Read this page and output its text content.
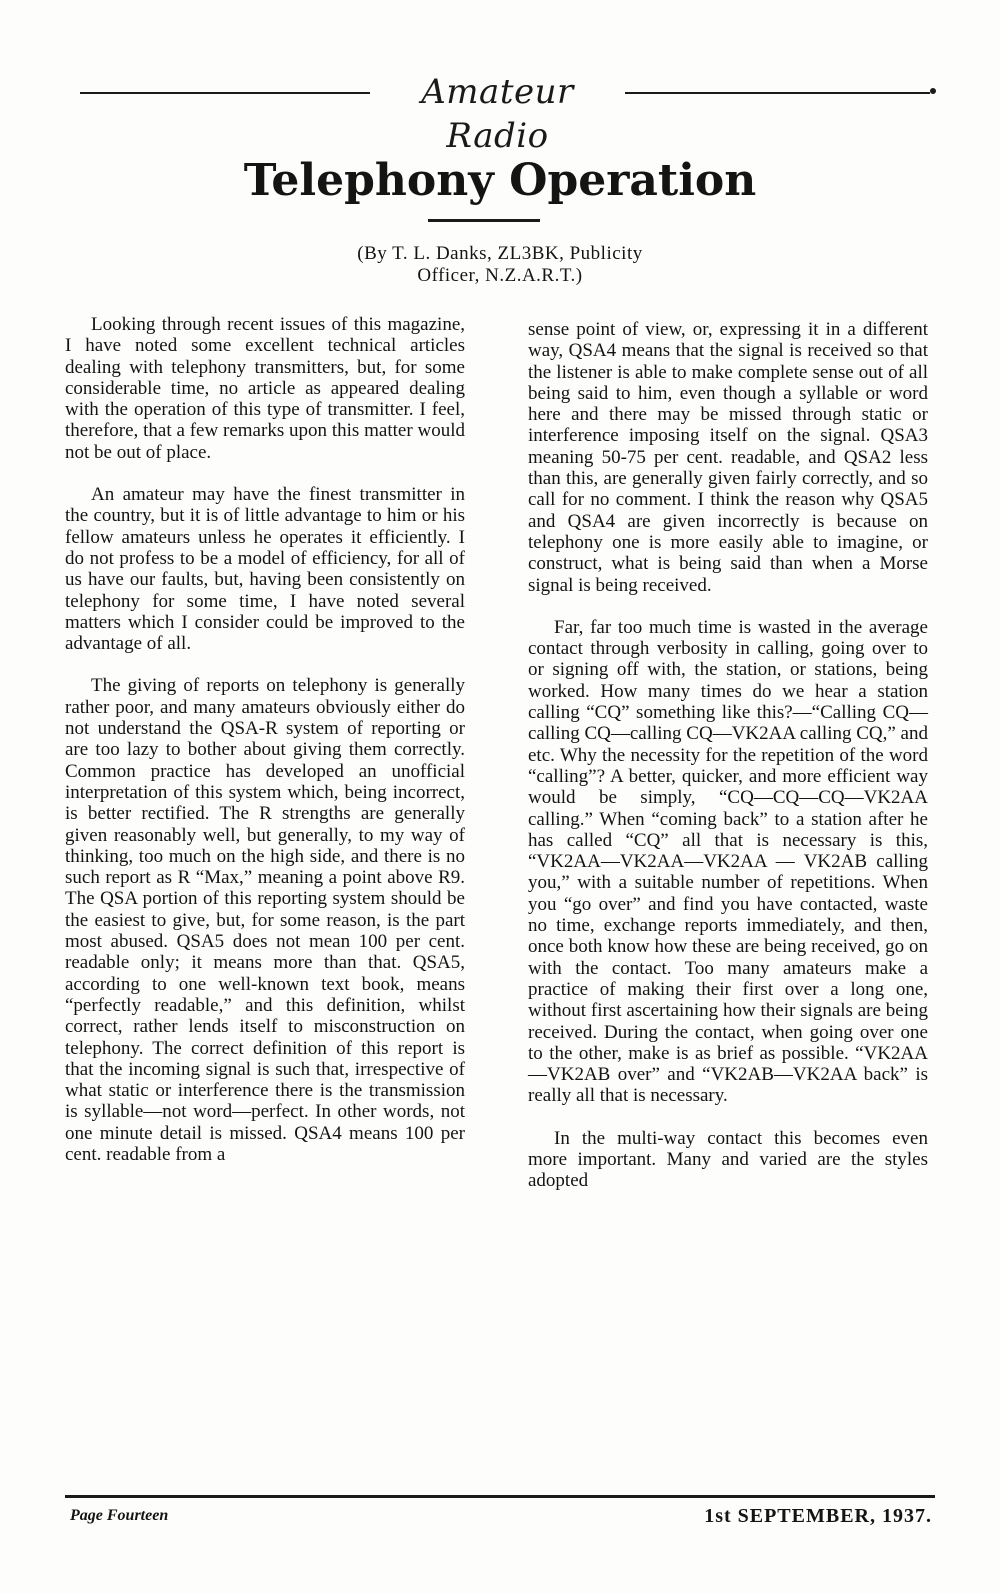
Amateur Radio
Telephony Operation
(By T. L. Danks, ZL3BK, Publicity
Officer, N.Z.A.R.T.)

Looking through recent issues of this magazine, I have noted some excellent technical articles dealing with telephony transmitters, but, for some considerable time, no article as appeared dealing with the operation of this type of transmitter. I feel, therefore, that a few remarks upon this matter would not be out of place.

An amateur may have the finest transmitter in the country, but it is of little advantage to him or his fellow amateurs unless he operates it efficiently. I do not profess to be a model of efficiency, for all of us have our faults, but, having been consistently on telephony for some time, I have noted several matters which I consider could be improved to the advantage of all.

The giving of reports on telephony is generally rather poor, and many amateurs obviously either do not understand the QSA-R system of reporting or are too lazy to bother about giving them correctly. Common practice has developed an unofficial interpretation of this system which, being incorrect, is better rectified. The R strengths are generally given reasonably well, but generally, to my way of thinking, too much on the high side, and there is no such report as R “Max,” meaning a point above R9. The QSA portion of this reporting system should be the easiest to give, but, for some reason, is the part most abused. QSA5 does not mean 100 per cent. readable only; it means more than that. QSA5, according to one well-known text book, means “perfectly readable,” and this definition, whilst correct, rather lends itself to misconstruction on telephony. The correct definition of this report is that the incoming signal is such that, irrespective of what static or interference there is the transmission is syllable—not word—perfect. In other words, not one minute detail is missed. QSA4 means 100 per cent. readable from a

sense point of view, or, expressing it in a different way, QSA4 means that the signal is received so that the listener is able to make complete sense out of all being said to him, even though a syllable or word here and there may be missed through static or interference imposing itself on the signal. QSA3 meaning 50-75 per cent. readable, and QSA2 less than this, are generally given fairly correctly, and so call for no comment. I think the reason why QSA5 and QSA4 are given incorrectly is because on telephony one is more easily able to imagine, or construct, what is being said than when a Morse signal is being received.

Far, far too much time is wasted in the average contact through verbosity in calling, going over to or signing off with, the station, or stations, being worked. How many times do we hear a station calling “CQ” something like this?—“Calling CQ—calling CQ—calling CQ—VK2AA calling CQ,” and etc. Why the necessity for the repetition of the word “calling”? A better, quicker, and more efficient way would be simply, “CQ—CQ—CQ—VK2AA calling.” When “coming back” to a station after he has called “CQ” all that is necessary is this, “VK2AA—VK2AA—VK2AA — VK2AB calling you,” with a suitable number of repetitions. When you “go over” and find you have contacted, waste no time, exchange reports immediately, and then, once both know how these are being received, go on with the contact. Too many amateurs make a practice of making their first over a long one, without first ascertaining how their signals are being received. During the contact, when going over one to the other, make is as brief as possible. “VK2AA—VK2AB over” and “VK2AB—VK2AA back” is really all that is necessary.

In the multi-way contact this becomes even more important. Many and varied are the styles adopted

Page Fourteen	1st SEPTEMBER, 1937.
